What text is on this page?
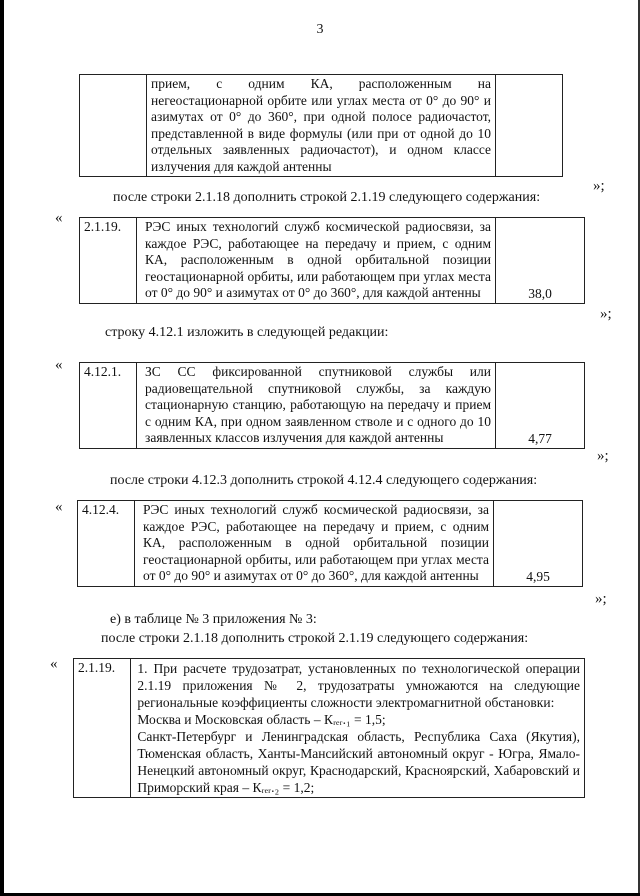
3
	прием, с одним КА, расположенным на негеостационарной орбите или углах места от 0° до 90° и азимутах от 0° до 360°, при одной полосе радиочастот, представленной в виде формулы (или при от одной до 10 отдельных заявленных радиочастот), и одном классе излучения для каждой антенны	
»;
после строки 2.1.18 дополнить строкой 2.1.19 следующего содержания:
«
2.1.19.	РЭС иных технологий служб космической радиосвязи, за каждое РЭС, работающее на передачу и прием, с одним КА, расположенным в одной орбитальной позиции геостационарной орбиты, или работающем при углах места от 0° до 90° и азимутах от 0° до 360°, для каждой антенны	38,0
»;
строку 4.12.1 изложить в следующей редакции:
« 4.12.1.	ЗС СС фиксированной спутниковой службы или радиовещательной спутниковой службы, за каждую стационарную станцию, работающую на передачу и прием с одним КА, при одном заявленном стволе и с одного до 10 заявленных классов излучения для каждой антенны	4,77
»;
после строки 4.12.3 дополнить строкой 4.12.4 следующего содержания:
« 4.12.4.	РЭС иных технологий служб космической радиосвязи, за каждое РЭС, работающее на передачу и прием, с одним КА, расположенным в одной орбитальной позиции геостационарной орбиты, или работающем при углах места от 0° до 90° и азимутах от 0° до 360°, для каждой антенны	4,95
»;
е) в таблице № 3 приложения № 3:
после строки 2.1.18 дополнить строкой 2.1.19 следующего содержания:
« 2.1.19.	1. При расчете трудозатрат, установленных по технологической операции 2.1.19 приложения № 2, трудозатраты умножаются на следующие региональные коэффициенты сложности электромагнитной обстановки:
Москва и Московская область – Кᵣₑᵣ.₁ = 1,5;
Санкт-Петербург и Ленинградская область, Республика Саха (Якутия), Тюменская область, Ханты-Мансийский автономный округ - Югра, Ямало-Ненецкий автономный округ, Краснодарский, Красноярский, Хабаровский и Приморский края – Кᵣₑᵣ.₂ = 1,2;
